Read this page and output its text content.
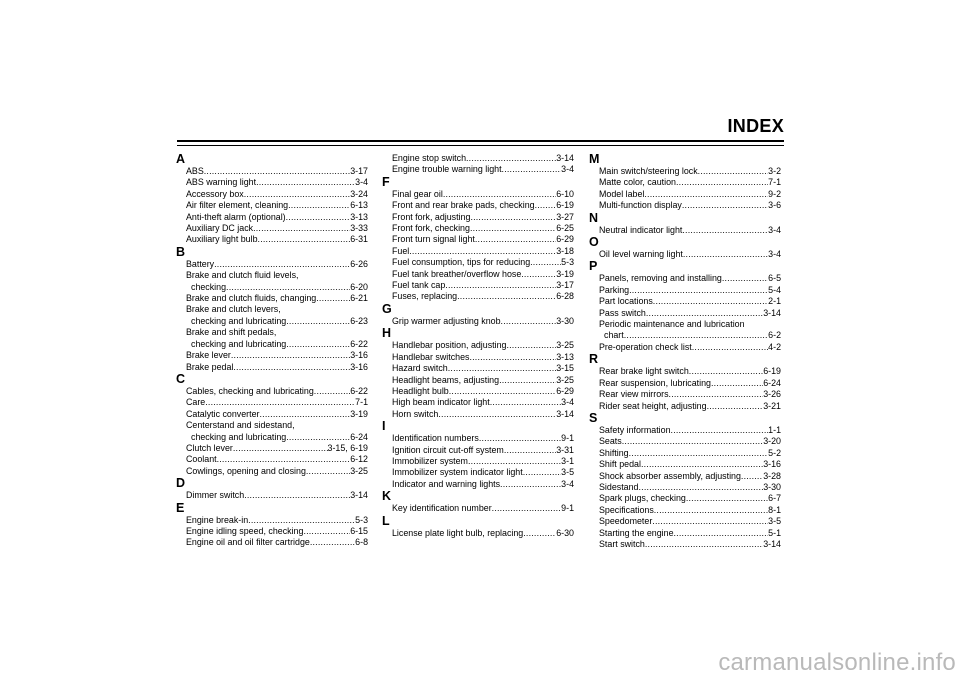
INDEX
A
ABS .....	3-17
ABS warning light .....	3-4
Accessory box .....	3-24
Air filter element, cleaning .....	6-13
Anti-theft alarm (optional) .....	3-13
Auxiliary DC jack .....	3-33
Auxiliary light bulb .....	6-31
B
Battery .....	6-26
Brake and clutch fluid levels,
checking .....	6-20
Brake and clutch fluids, changing .....	6-21
Brake and clutch levers,
checking and lubricating .....	6-23
Brake and shift pedals,
checking and lubricating .....	6-22
Brake lever .....	3-16
Brake pedal .....	3-16
C
Cables, checking and lubricating .....	6-22
Care .....	7-1
Catalytic converter .....	3-19
Centerstand and sidestand,
checking and lubricating .....	6-24
Clutch lever .....	3-15, 6-19
Coolant .....	6-12
Cowlings, opening and closing .....	3-25
D
Dimmer switch .....	3-14
E
Engine break-in .....	5-3
Engine idling speed, checking .....	6-15
Engine oil and oil filter cartridge .....	6-8
Engine stop switch .....	3-14
Engine trouble warning light .....	3-4
F
Final gear oil .....	6-10
Front and rear brake pads, checking ..... 6-19
Front fork, adjusting .....	3-27
Front fork, checking .....	6-25
Front turn signal light .....	6-29
Fuel .....	3-18
Fuel consumption, tips for reducing .....	5-3
Fuel tank breather/overflow hose .....	3-19
Fuel tank cap .....	3-17
Fuses, replacing .....	6-28
G
Grip warmer adjusting knob .....	3-30
H
Handlebar position, adjusting .....	3-25
Handlebar switches .....	3-13
Hazard switch .....	3-15
Headlight beams, adjusting .....	3-25
Headlight bulb .....	6-29
High beam indicator light .....	3-4
Horn switch .....	3-14
I
Identification numbers .....	9-1
Ignition circuit cut-off system .....	3-31
Immobilizer system .....	3-1
Immobilizer system indicator light .....	3-5
Indicator and warning lights .....	3-4
K
Key identification number .....	9-1
L
License plate light bulb, replacing .....	6-30
M
Main switch/steering lock .....	3-2
Matte color, caution .....	7-1
Model label .....	9-2
Multi-function display .....	3-6
N
Neutral indicator light .....	3-4
O
Oil level warning light .....	3-4
P
Panels, removing and installing .....	6-5
Parking .....	5-4
Part locations .....	2-1
Pass switch .....	3-14
Periodic maintenance and lubrication
chart .....	6-2
Pre-operation check list .....	4-2
R
Rear brake light switch .....	6-19
Rear suspension, lubricating .....	6-24
Rear view mirrors .....	3-26
Rider seat height, adjusting .....	3-21
S
Safety information .....	1-1
Seats .....	3-20
Shifting .....	5-2
Shift pedal .....	3-16
Shock absorber assembly, adjusting .....	3-28
Sidestand .....	3-30
Spark plugs, checking .....	6-7
Specifications .....	8-1
Speedometer .....	3-5
Starting the engine .....	5-1
Start switch .....	3-14
carmanualsonline.info
